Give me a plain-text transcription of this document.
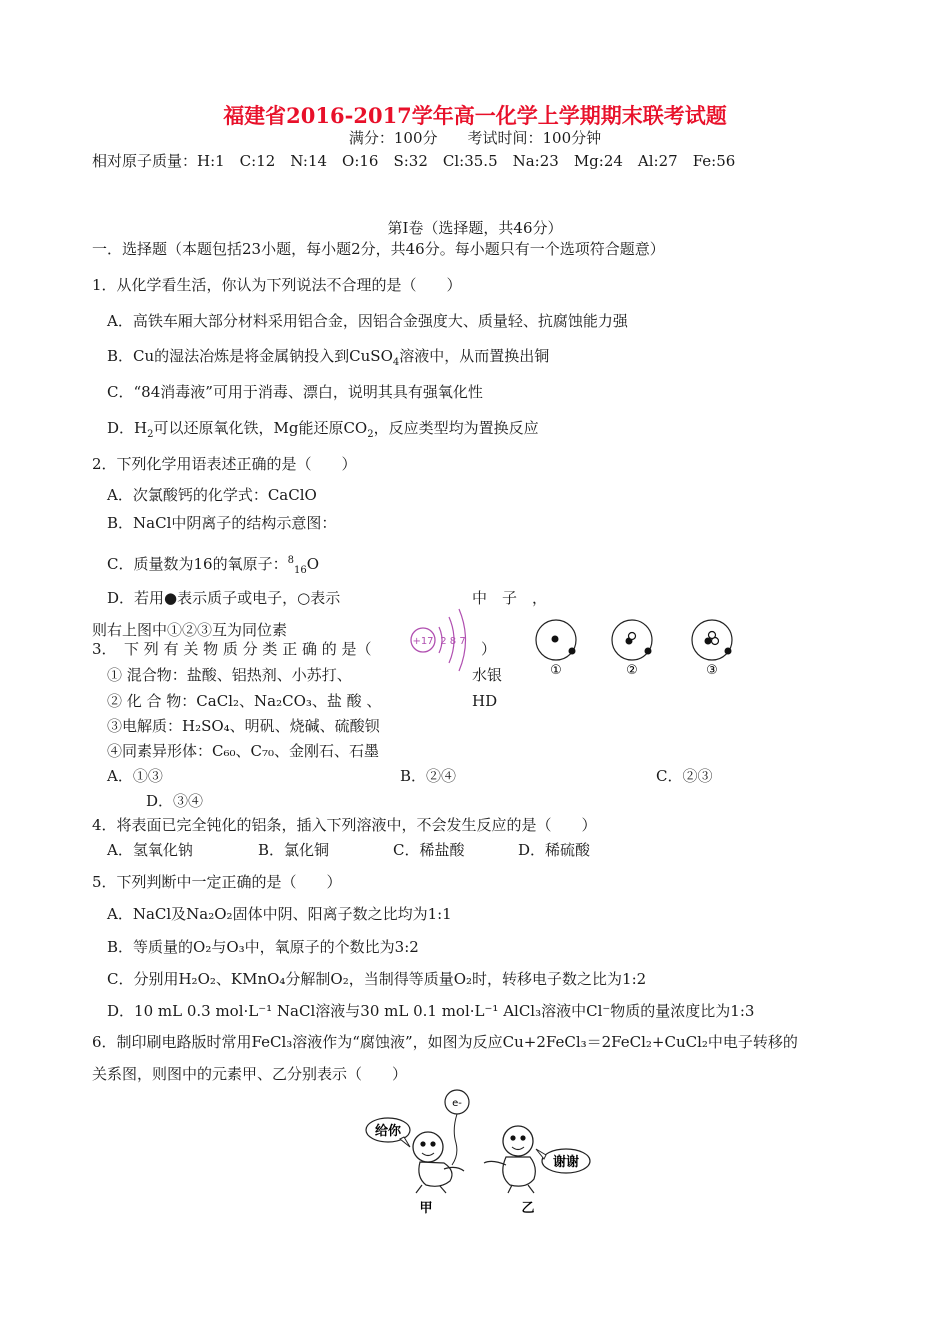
福建省2016-2017学年高一化学上学期期末联考试题
满分：100分　　考试时间：100分钟
相对原子质量：H:1　C:12　N:14　O:16　S:32　Cl:35.5　Na:23　Mg:24　Al:27　Fe:56
第Ⅰ卷（选择题，共46分）
一．选择题（本题包括23小题，每小题2分，共46分。每小题只有一个选项符合题意）
1．从化学看生活，你认为下列说法不合理的是（　　）
A．高铁车厢大部分材料采用铝合金，因铝合金强度大、质量轻、抗腐蚀能力强
B．Cu的湿法冶炼是将金属钠投入到CuSO$_4$溶液中，从而置换出铜
C．“84消毒液”可用于消毒、漂白，说明其具有强氧化性
D．$H_2$可以还原氧化铁，Mg能还原$CO_2$，反应类型均为置换反应
2．下列化学用语表述正确的是（　　）
A．次氯酸钙的化学式：CaClO
B．NaCl中阴离子的结构示意图：
C．质量数为16的氧原子：$^8_{16}$O
D．若用●表示质子或电子，○表示	中　子　，
则右上图中①②③互为同位素
+17 2 8 7
①	②	③
3．　下 列 有 关 物 质 分 类 正 确 的 是（	）
① 混合物：盐酸、铝热剂、小苏打、	水银
② 化 合 物：CaCl₂、Na₂CO₃、盐 酸 、	HD
③电解质：H₂SO₄、明矾、烧碱、硫酸钡
④同素异形体：C₆₀、C₇₀、金刚石、石墨
A．①③	B．②④	C．②③
D．③④
4．将表面已完全钝化的铝条，插入下列溶液中，不会发生反应的是（　　）
A．氢氧化钠	B．氯化铜	C．稀盐酸	D．稀硫酸
5．下列判断中一定正确的是（　　）
A．NaCl及Na₂O₂固体中阴、阳离子数之比均为1:1
B．等质量的O₂与O₃中，氧原子的个数比为3:2
C．分别用H₂O₂、KMnO₄分解制O₂，当制得等质量O₂时，转移电子数之比为1:2
D．10 mL 0.3 mol·L⁻¹ NaCl溶液与30 mL 0.1 mol·L⁻¹ AlCl₃溶液中Cl⁻物质的量浓度比为1:3
6．制印刷电路版时常用FeCl₃溶液作为“腐蚀液”，如图为反应Cu+2FeCl₃＝2FeCl₂+CuCl₂中电子转移的
关系图，则图中的元素甲、乙分别表示（　　）
e-
给你
甲	乙
谢谢
